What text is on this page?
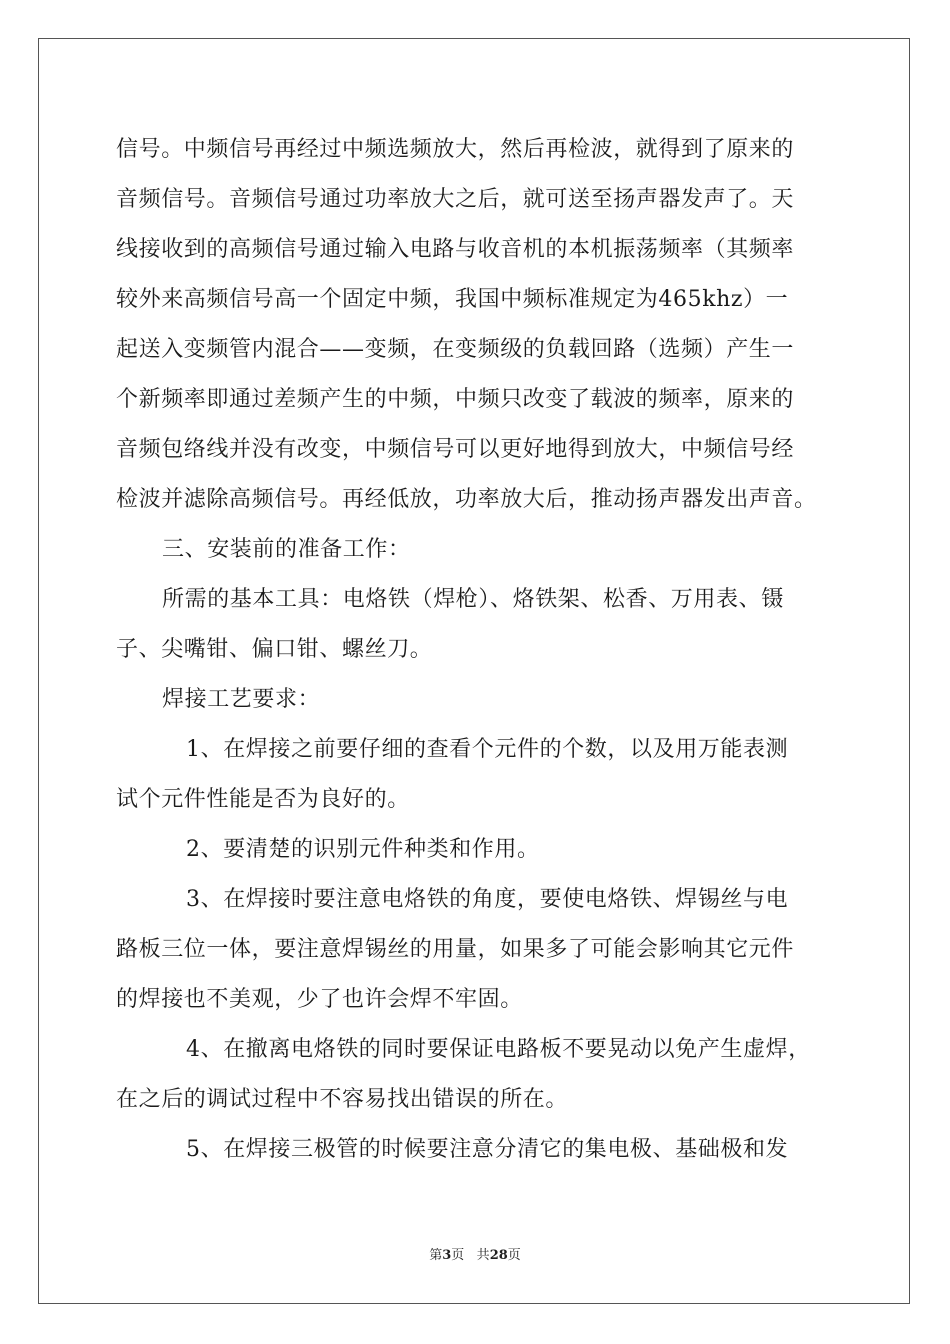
信号。中频信号再经过中频选频放大，然后再检波，就得到了原来的
音频信号。音频信号通过功率放大之后，就可送至扬声器发声了。天
线接收到的高频信号通过输入电路与收音机的本机振荡频率（其频率
较外来高频信号高一个固定中频，我国中频标准规定为465khz）一
起送入变频管内混合——变频，在变频级的负载回路（选频）产生一
个新频率即通过差频产生的中频，中频只改变了载波的频率，原来的
音频包络线并没有改变，中频信号可以更好地得到放大，中频信号经
检波并滤除高频信号。再经低放，功率放大后，推动扬声器发出声音。
三、安装前的准备工作：
所需的基本工具：电烙铁（焊枪）、烙铁架、松香、万用表、镊
子、尖嘴钳、偏口钳、螺丝刀。
焊接工艺要求：
1、在焊接之前要仔细的查看个元件的个数，以及用万能表测
试个元件性能是否为良好的。
2、要清楚的识别元件种类和作用。
3、在焊接时要注意电烙铁的角度，要使电烙铁、焊锡丝与电
路板三位一体，要注意焊锡丝的用量，如果多了可能会影响其它元件
的焊接也不美观，少了也许会焊不牢固。
4、在撤离电烙铁的同时要保证电路板不要晃动以免产生虚焊，
在之后的调试过程中不容易找出错误的所在。
5、在焊接三极管的时候要注意分清它的集电极、基础极和发
第3页 共28页
